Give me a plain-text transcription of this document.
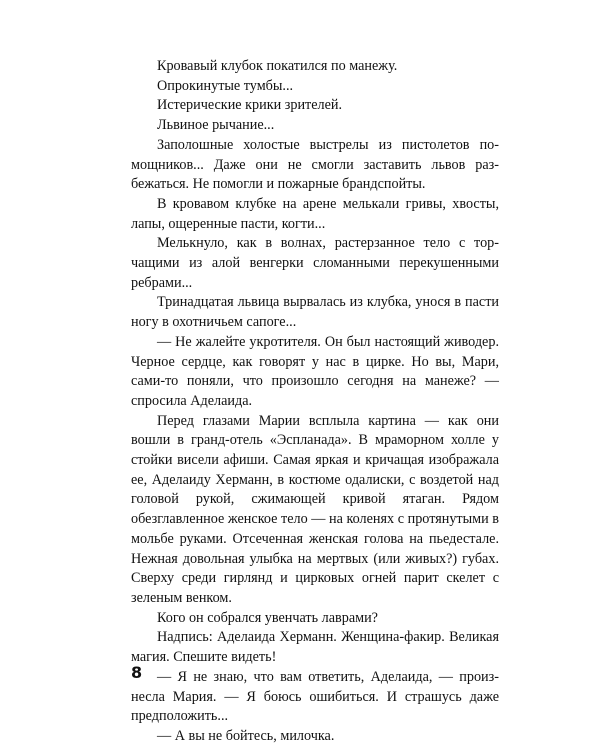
Кровавый клубок покатился по манежу.

Опрокинутые тумбы...

Истерические крики зрителей.

Львиное рычание...

Заполошные холостые выстрелы из пистолетов помощников... Даже они не смогли заставить львов разбежаться. Не помогли и пожарные брандспойты.

В кровавом клубке на арене мелькали гривы, хвосты, лапы, ощеренные пасти, когти...

Мелькнуло, как в волнах, растерзанное тело с торчащими из алой венгерки сломанными перекушенными ребрами...

Тринадцатая львица вырвалась из клубка, унося в пасти ногу в охотничьем сапоге...

— Не жалейте укротителя. Он был настоящий живодер. Черное сердце, как говорят у нас в цирке. Но вы, Мари, сами-то поняли, что произошло сегодня на манеже? — спросила Аделаида.

Перед глазами Марии всплыла картина — как они вошли в гранд-отель «Эспланада». В мраморном холле у стойки висели афиши. Самая яркая и кричащая изображала ее, Аделаиду Херманн, в костюме одалиски, с воздетой над головой рукой, сжимающей кривой ятаган. Рядом обезглавленное женское тело — на коленях с протянутыми в мольбе руками. Отсеченная женская голова на пьедестале. Нежная довольная улыбка на мертвых (или живых?) губах. Сверху среди гирлянд и цирковых огней парит скелет с зеленым венком.

Кого он собрался увенчать лаврами?

Надпись: Аделаида Херманн. Женщина-факир. Великая магия. Спешите видеть!

— Я не знаю, что вам ответить, Аделаида, — произнесла Мария. — Я боюсь ошибиться. И страшусь даже предположить...

— А вы не бойтесь, милочка.

8
